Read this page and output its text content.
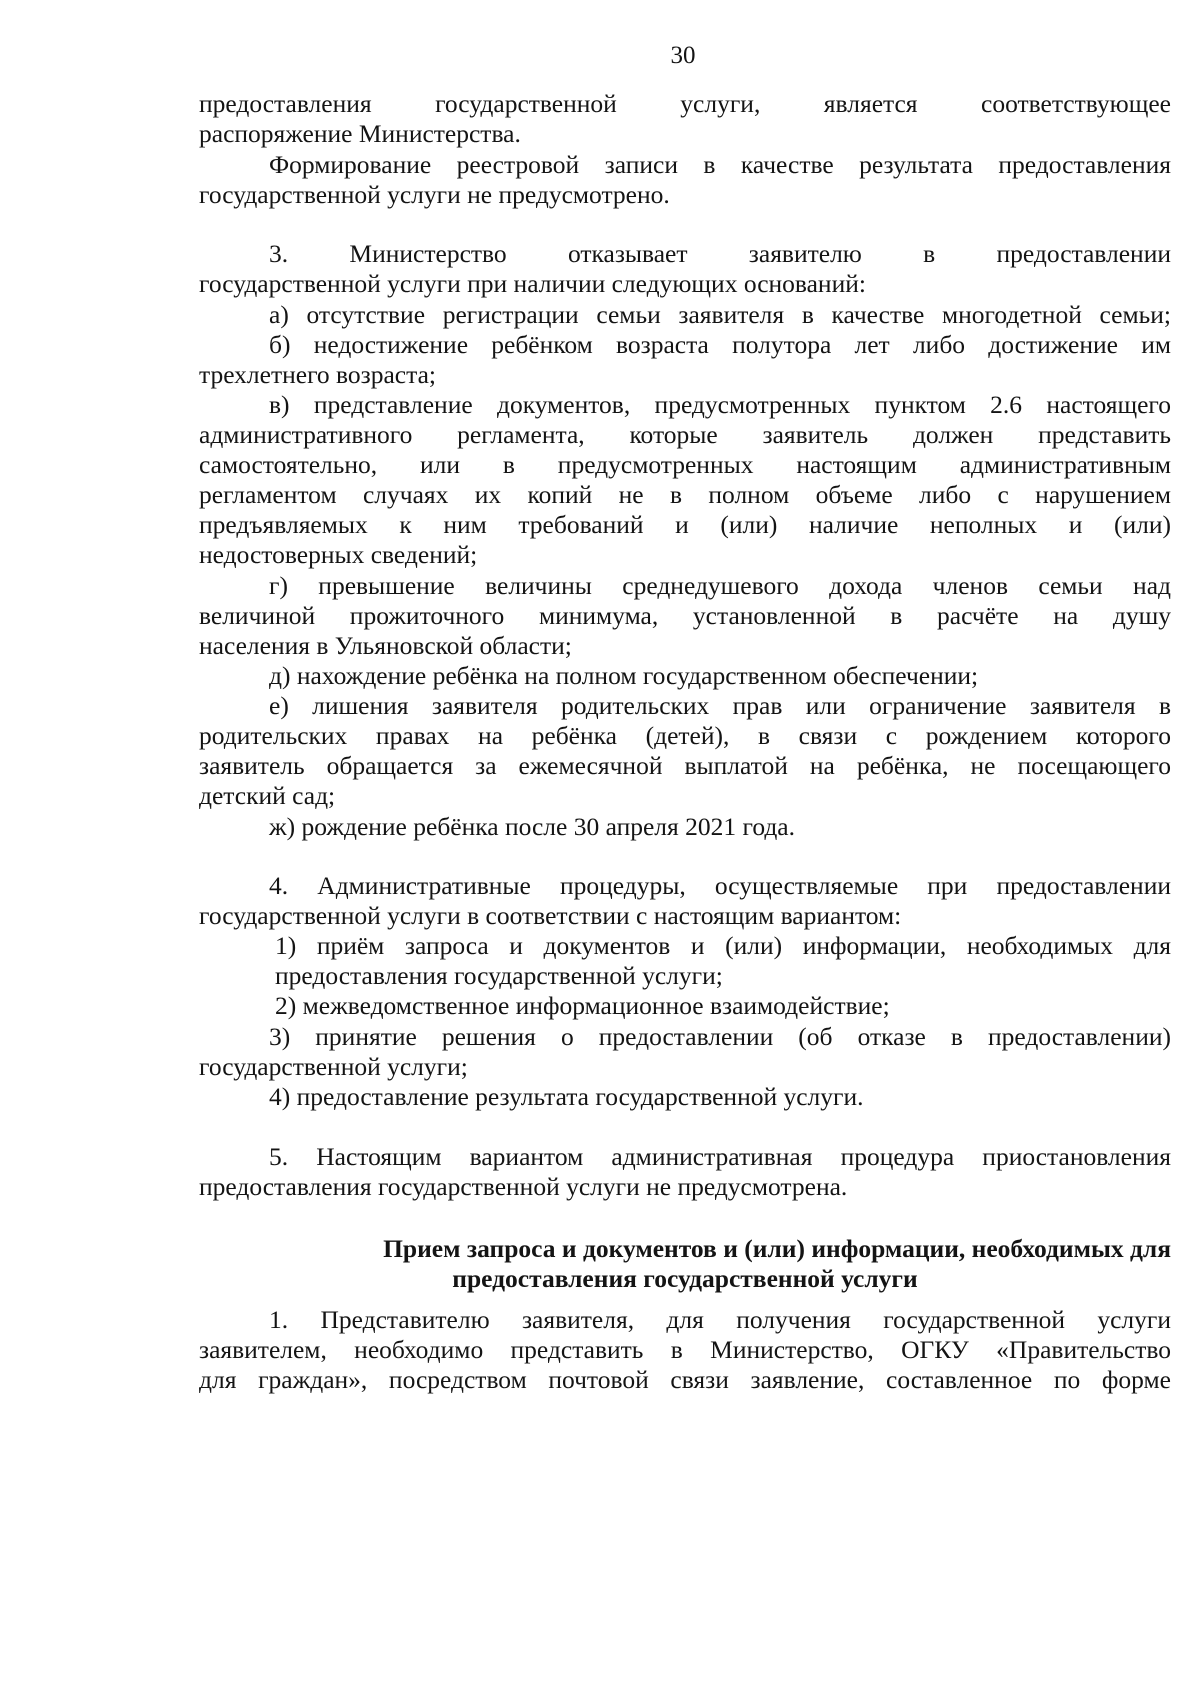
30
предоставления государственной услуги, является соответствующее
распоряжение Министерства.
Формирование реестровой записи в качестве результата предоставления
государственной услуги не предусмотрено.
3. Министерство отказывает заявителю в предоставлении
государственной услуги при наличии следующих оснований:
а) отсутствие регистрации семьи заявителя в качестве многодетной семьи;
б) недостижение ребёнком возраста полутора лет либо достижение им
трехлетнего возраста;
в) представление документов, предусмотренных пунктом 2.6 настоящего
административного регламента, которые заявитель должен представить
самостоятельно, или в предусмотренных настоящим административным
регламентом случаях их копий не в полном объеме либо с нарушением
предъявляемых к ним требований и (или) наличие неполных и (или)
недостоверных сведений;
г) превышение величины среднедушевого дохода членов семьи над
величиной прожиточного минимума, установленной в расчёте на душу
населения в Ульяновской области;
д) нахождение ребёнка на полном государственном обеспечении;
е) лишения заявителя родительских прав или ограничение заявителя в
родительских правах на ребёнка (детей), в связи с рождением которого
заявитель обращается за ежемесячной выплатой на ребёнка, не посещающего
детский сад;
ж) рождение ребёнка после 30 апреля 2021 года.
4. Административные процедуры, осуществляемые при предоставлении
государственной услуги в соответствии с настоящим вариантом:
1) приём запроса и документов и (или) информации, необходимых для
предоставления государственной услуги;
2) межведомственное информационное взаимодействие;
3) принятие решения о предоставлении (об отказе в предоставлении)
государственной услуги;
4) предоставление результата государственной услуги.
5. Настоящим вариантом административная процедура приостановления
предоставления государственной услуги не предусмотрена.
Прием запроса и документов и (или) информации, необходимых для
предоставления государственной услуги
1. Представителю заявителя, для получения государственной услуги
заявителем, необходимо представить в Министерство, ОГКУ «Правительство
для граждан», посредством почтовой связи заявление, составленное по форме
